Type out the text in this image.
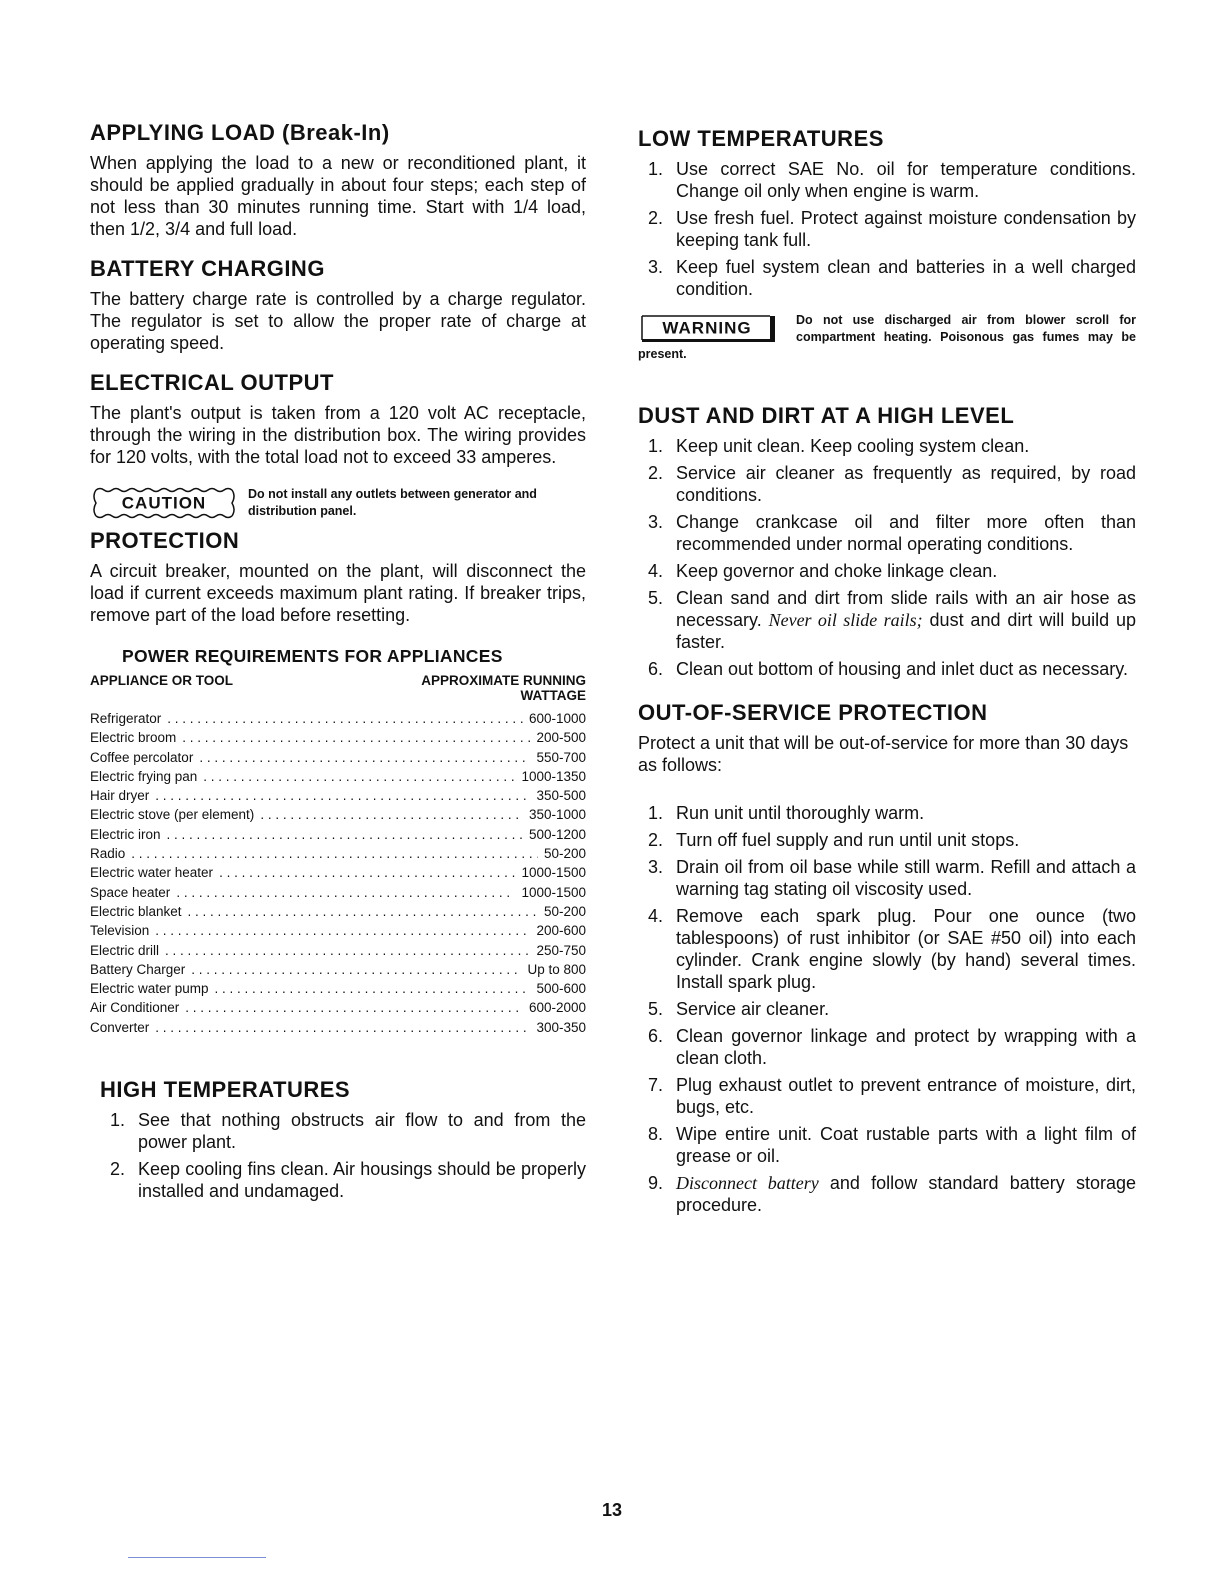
APPLYING LOAD (Break-In)

When applying the load to a new or reconditioned plant, it should be applied gradually in about four steps; each step of not less than 30 minutes running time. Start with 1/4 load, then 1/2, 3/4 and full load.

BATTERY CHARGING

The battery charge rate is controlled by a charge regulator. The regulator is set to allow the proper rate of charge at operating speed.

ELECTRICAL OUTPUT

The plant's output is taken from a 120 volt AC receptacle, through the wiring in the distribution box. The wiring provides for 120 volts, with the total load not to exceed 33 amperes.

CAUTION	Do not install any outlets between generator and distribution panel.
PROTECTION

A circuit breaker, mounted on the plant, will disconnect the load if current exceeds maximum plant rating. If breaker trips, remove part of the load before resetting.

POWER REQUIREMENTS FOR APPLIANCES
APPLIANCE OR TOOL	APPROXIMATE RUNNING WATTAGE
Refrigerator . . .	600-1000
Electric broom . . .	200-500
Coffee percolator . . .	550-700
Electric frying pan . . .	1000-1350
Hair dryer . . .	350-500
Electric stove (per element) . . .	350-1000
Electric iron . . .	500-1200
Radio . . .	50-200
Electric water heater . . .	1000-1500
Space heater . . .	1000-1500
Electric blanket . . .	50-200
Television . . .	200-600
Electric drill . . .	250-750
Battery Charger . . .	Up to 800
Electric water pump . . .	500-600
Air Conditioner . . .	600-2000
Converter . . .	300-350
HIGH TEMPERATURES
1. See that nothing obstructs air flow to and from the power plant.
2. Keep cooling fins clean. Air housings should be properly installed and undamaged.
LOW TEMPERATURES
1. Use correct SAE No. oil for temperature conditions. Change oil only when engine is warm.
2. Use fresh fuel. Protect against moisture condensation by keeping tank full.
3. Keep fuel system clean and batteries in a well charged condition.
WARNING	Do not use discharged air from blower scroll for compartment heating. Poisonous gas fumes may be present.
DUST AND DIRT AT A HIGH LEVEL
1. Keep unit clean. Keep cooling system clean.
2. Service air cleaner as frequently as required, by road conditions.
3. Change crankcase oil and filter more often than recommended under normal operating conditions.
4. Keep governor and choke linkage clean.
5. Clean sand and dirt from slide rails with an air hose as necessary. Never oil slide rails; dust and dirt will build up faster.
6. Clean out bottom of housing and inlet duct as necessary.
OUT-OF-SERVICE PROTECTION

Protect a unit that will be out-of-service for more than 30 days as follows:

1. Run unit until thoroughly warm.
2. Turn off fuel supply and run until unit stops.
3. Drain oil from oil base while still warm. Refill and attach a warning tag stating oil viscosity used.
4. Remove each spark plug. Pour one ounce (two tablespoons) of rust inhibitor (or SAE #50 oil) into each cylinder. Crank engine slowly (by hand) several times. Install spark plug.
5. Service air cleaner.
6. Clean governor linkage and protect by wrapping with a clean cloth.
7. Plug exhaust outlet to prevent entrance of moisture, dirt, bugs, etc.
8. Wipe entire unit. Coat rustable parts with a light film of grease or oil.
9. Disconnect battery and follow standard battery storage procedure.
13
